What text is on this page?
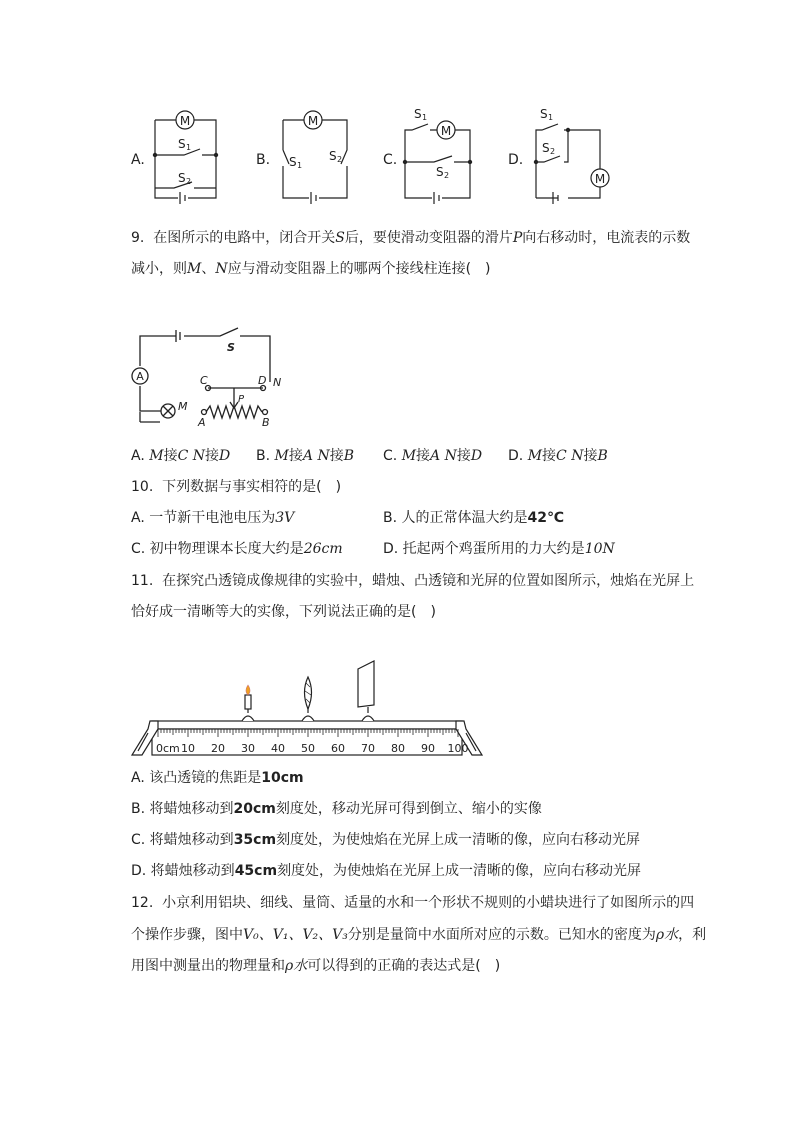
A.
M
S 1
S 2
B.
M
S 1
S 2	C.
M
S 1
S 2
D.
M
S 1
S 2
9. 在图所示的电路中，闭合开关S后，要使滑动变阻器的滑片P向右移动时，电流表的示数
减小，则M、N应与滑动变阻器上的哪两个接线柱连接(　)
A
S
C	D N
M
P
A	B
A. M接C N接D B. M接A N接B C. M接A N接D D. M接C N接B
10. 下列数据与事实相符的是(　)
A. 一节新干电池电压为3V	B. 人的正常体温大约是42℃
C. 初中物理课本长度大约是26cm	D. 托起两个鸡蛋所用的力大约是10N
11. 在探究凸透镜成像规律的实验中，蜡烛、凸透镜和光屏的位置如图所示，烛焰在光屏上
恰好成一清晰等大的实像，下列说法正确的是(　)
0cm 10 20 30 40 50 60 70 80 90 100
A. 该凸透镜的焦距是10cm
B. 将蜡烛移动到20cm刻度处，移动光屏可得到倒立、缩小的实像
C. 将蜡烛移动到35cm刻度处，为使烛焰在光屏上成一清晰的像，应向右移动光屏
D. 将蜡烛移动到45cm刻度处，为使烛焰在光屏上成一清晰的像，应向右移动光屏
12. 小京利用铝块、细线、量筒、适量的水和一个形状不规则的小蜡块进行了如图所示的四
个操作步骤，图中V₀、V₁、V₂、V₃分别是量筒中水面所对应的示数。已知水的密度为ρ水，利
用图中测量出的物理量和ρ水可以得到的正确的表达式是(　)
